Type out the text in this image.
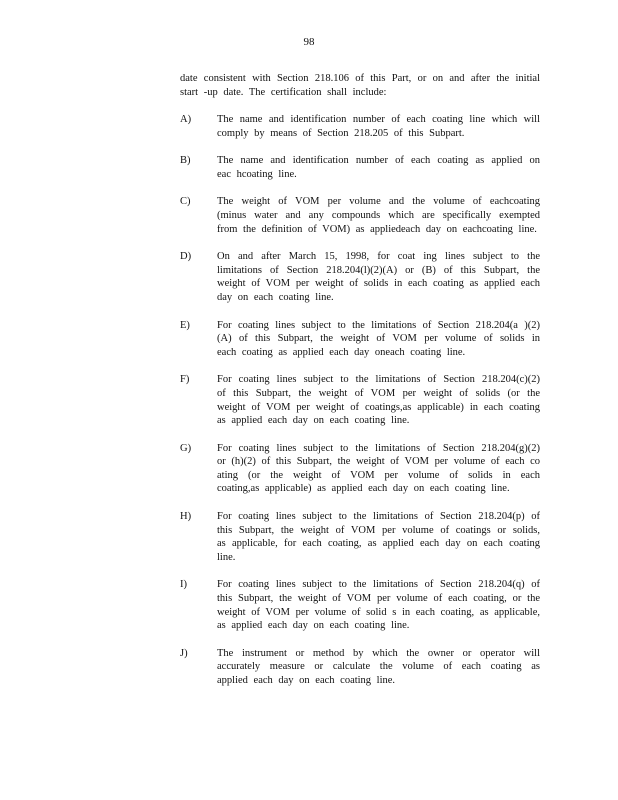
98
date consistent with Section 218.106 of this Part, or on and after the initial start -up date. The certification shall include:
A)	The name and identification number of each coating line which will comply by means of Section 218.205 of this Subpart.
B)	The name and identification number of each coating as applied on eac hcoating line.
C)	The weight of VOM per volume and the volume of eachcoating (minus water and any compounds which are specifically exempted from the definition of VOM) as appliedeach day on eachcoating line.
D)	On and after March 15, 1998, for coat ing lines subject to the limitations of Section 218.204(l)(2)(A) or (B) of this Subpart, the weight of VOM per weight of solids in each coating as applied each day on each coating line.
E)	For coating lines subject to the limitations of Section 218.204(a )(2)(A) of this Subpart, the weight of VOM per volume of solids in each coating as applied each day oneach coating line.
F)	For coating lines subject to the limitations of Section 218.204(c)(2) of this Subpart, the weight of VOM per weight of solids (or the weight of VOM per weight of coatings,as applicable) in each coating as applied each day on each coating line.
G)	For coating lines subject to the limitations of Section 218.204(g)(2) or (h)(2) of this Subpart, the weight of VOM per volume of each co ating (or the weight of VOM per volume of solids in each coating,as applicable) as applied each day on each coating line.
H)	For coating lines subject to the limitations of Section 218.204(p) of this Subpart, the weight of VOM per volume of coatings or solids, as applicable, for each coating, as applied each day on each coating line.
I)	For coating lines subject to the limitations of Section 218.204(q) of this Subpart, the weight of VOM per volume of each coating, or the weight of VOM per volume of solid s in each coating, as applicable, as applied each day on each coating line.
J)	The instrument or method by which the owner or operator will accurately measure or calculate the volume of each coating as applied each day on each coating line.
